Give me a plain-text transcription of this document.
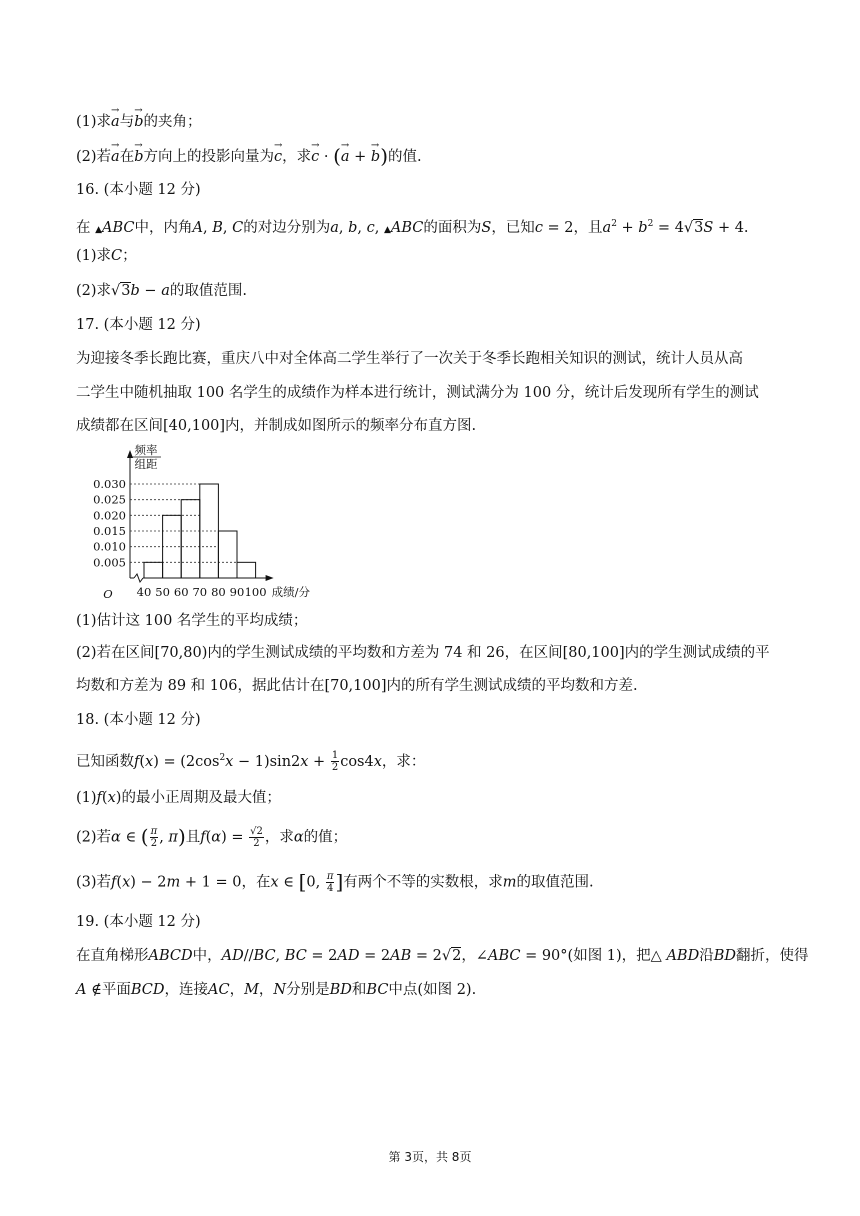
(1)求→ a与→ b的夹角；
(2)若→ a在→ b方向上的投影向量为→ c，求→ c · (→ a + → b)的值.
16. (本小题 12 分)
在 ▲ABC中，内角A, B, C的对边分别为a, b, c, ▲ABC的面积为S，已知c = 2，且$a^2 + b^2 = 4√3S + 4$.
(1)求C；
(2)求√3b − a的取值范围.
17. (本小题 12 分)
为迎接冬季长跑比赛，重庆八中对全体高二学生举行了一次关于冬季长跑相关知识的测试，统计人员从高
二学生中随机抽取 100 名学生的成绩作为样本进行统计，测试满分为 100 分，统计后发现所有学生的测试
成绩都在区间[40,100]内，并制成如图所示的频率分布直方图.
0.005
0.010
0.015
0.020
0.025
0.030
40 50 60 70 80 90 100
组距
频率
成绩/分
O
(1)估计这 100 名学生的平均成绩；
(2)若在区间[70,80)内的学生测试成绩的平均数和方差为 74 和 26，在区间[80,100]内的学生测试成绩的平
均数和方差为 89 和 106，据此估计在[70,100]内的所有学生测试成绩的平均数和方差.
18. (本小题 12 分)
已知函数$f(x) = (2\cos^2x - 1)\sin 2x + \frac{1}{2} \cos 4x$，求：
(1)f(x)的最小正周期及最大值；
(2)若α ∈ ( $\frac{\pi}{2}$ , π)且$f(\alpha) = \frac{√2}{2}$ ，求α的值；
(3)若f(x) − 2m + 1 = 0，在x ∈ [0, $\frac{\pi}{4}$ ]有两个不等的实数根，求m的取值范围.
19. (本小题 12 分)
在直角梯形ABCD中，AD//BC, BC = 2AD = 2AB = 2√2，∠ABC = 90°(如图 1)，把△ ABD沿BD翻折，使得
A ∉平面BCD，连接AC，M，N分别是BD和BC中点(如图 2).
第 3页，共 8页
